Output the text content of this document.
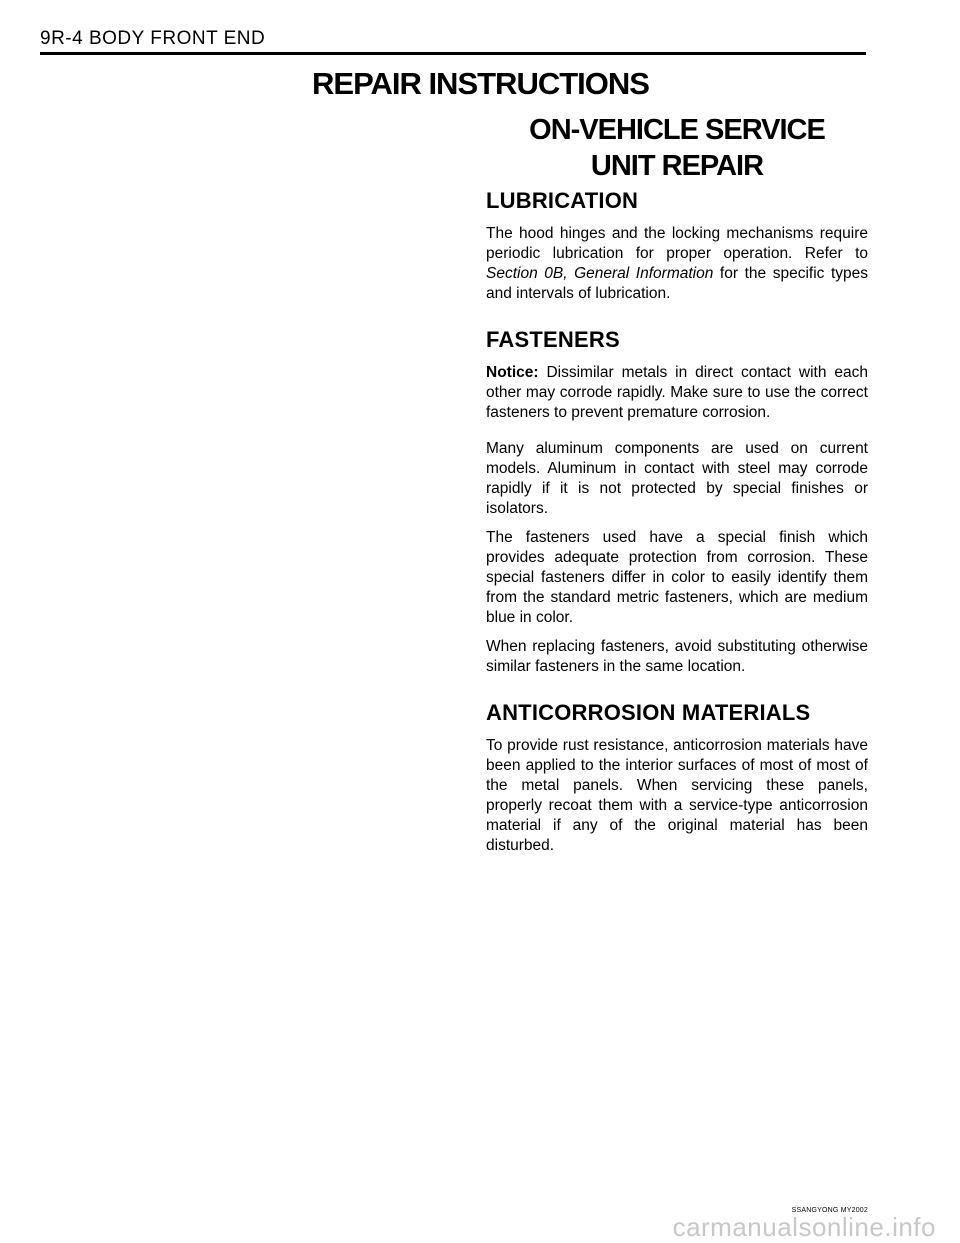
9R-4 BODY FRONT END
REPAIR INSTRUCTIONS
ON-VEHICLE SERVICE
UNIT REPAIR
LUBRICATION

The hood hinges and the locking mechanisms require periodic lubrication for proper operation. Refer to Section 0B, General Information for the specific types and intervals of lubrication.

FASTENERS

Notice: Dissimilar metals in direct contact with each other may corrode rapidly. Make sure to use the correct fasteners to prevent premature corrosion.

Many aluminum components are used on current models. Aluminum in contact with steel may corrode rapidly if it is not protected by special finishes or isolators.

The fasteners used have a special finish which provides adequate protection from corrosion. These special fasteners differ in color to easily identify them from the standard metric fasteners, which are medium blue in color.

When replacing fasteners, avoid substituting otherwise similar fasteners in the same location.

ANTICORROSION MATERIALS

To provide rust resistance, anticorrosion materials have been applied to the interior surfaces of most of most of the metal panels. When servicing these panels, properly recoat them with a service-type anticorrosion material if any of the original material has been disturbed.

SSANGYONG MY2002
carmanualsonline.info
